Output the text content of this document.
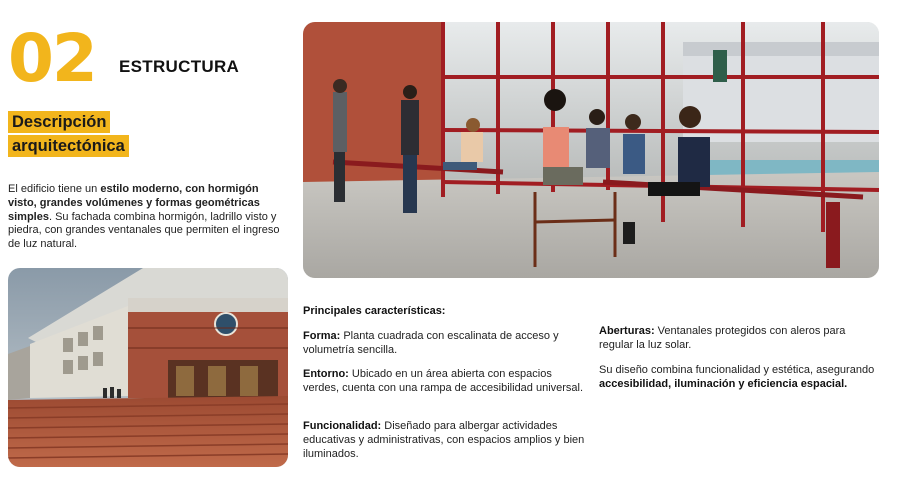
02 ESTRUCTURA
Descripción
arquitectónica
El edificio tiene un estilo moderno, con hormigón visto, grandes volúmenes y formas geométricas simples. Su fachada combina hormigón, ladrillo visto y piedra, con grandes ventanales que permiten el ingreso de luz natural.
Principales características:
Forma: Planta cuadrada con escalinata de acceso y volumetría sencilla.
Entorno: Ubicado en un área abierta con espacios verdes, cuenta con una rampa de accesibilidad universal.
Funcionalidad: Diseñado para albergar actividades educativas y administrativas, con espacios amplios y bien iluminados.
Aberturas: Ventanales protegidos con aleros para regular la luz solar.
Su diseño combina funcionalidad y estética, asegurando accesibilidad, iluminación y eficiencia espacial.
